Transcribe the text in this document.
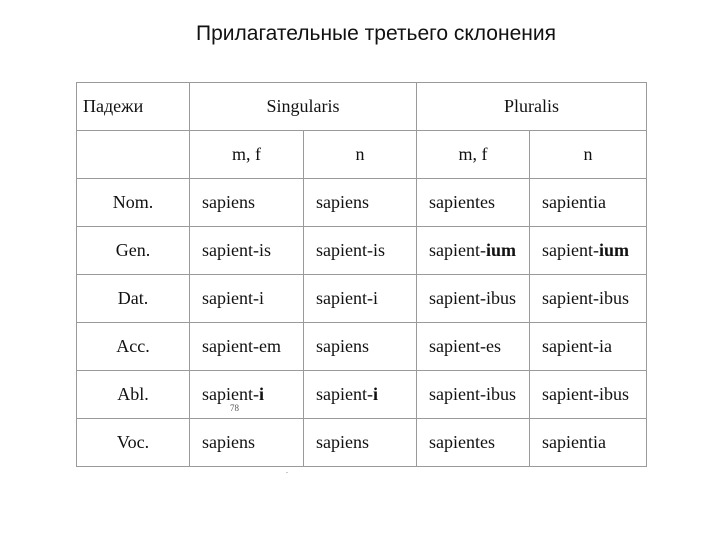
Прилагательные третьего склонения
Падежи	Singularis		Pluralis	
	m, f	n	m, f	n
Nom.	sapiens	sapiens	sapientes	sapientia
Gen.	sapient-is	sapient-is	sapient-ium	sapient-ium
Dat.	sapient-i	sapient-i	sapient-ibus	sapient-ibus
Acc.	sapient-em	sapiens	sapient-es	sapient-ia
Abl.	sapient-i	sapient-i	sapient-ibus	sapient-ibus
Voc.	sapiens	sapiens	sapientes	sapientia
78
.
